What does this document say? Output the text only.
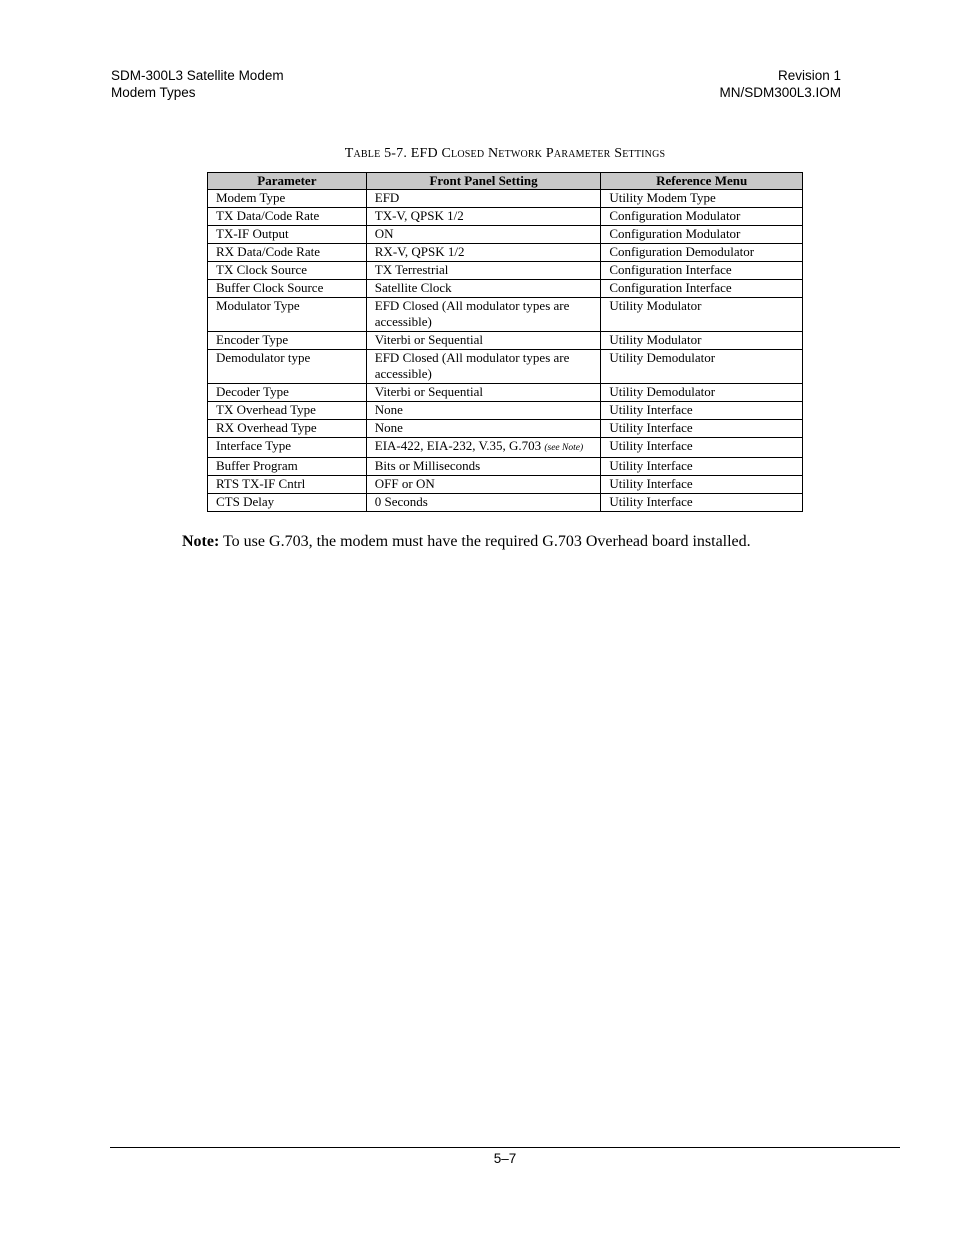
SDM-300L3 Satellite Modem
Modem Types
Revision 1
MN/SDM300L3.IOM
Table 5-7. EFD Closed Network Parameter Settings
Parameter	Front Panel Setting	Reference Menu
Modem Type	EFD	Utility Modem Type
TX Data/Code Rate	TX-V, QPSK 1/2	Configuration Modulator
TX-IF Output	ON	Configuration Modulator
RX Data/Code Rate	RX-V, QPSK 1/2	Configuration Demodulator
TX Clock Source	TX Terrestrial	Configuration Interface
Buffer Clock Source	Satellite Clock	Configuration Interface
Modulator Type	EFD Closed (All modulator types are accessible)	Utility Modulator
Encoder Type	Viterbi or Sequential	Utility Modulator
Demodulator type	EFD Closed (All modulator types are accessible)	Utility Demodulator
Decoder Type	Viterbi or Sequential	Utility Demodulator
TX Overhead Type	None	Utility Interface
RX Overhead Type	None	Utility Interface
Interface Type	EIA-422, EIA-232, V.35, G.703 (see Note)	Utility Interface
Buffer Program	Bits or Milliseconds	Utility Interface
RTS TX-IF Cntrl	OFF or ON	Utility Interface
CTS Delay	0 Seconds	Utility Interface
Note: To use G.703, the modem must have the required G.703 Overhead board installed.
5–7
